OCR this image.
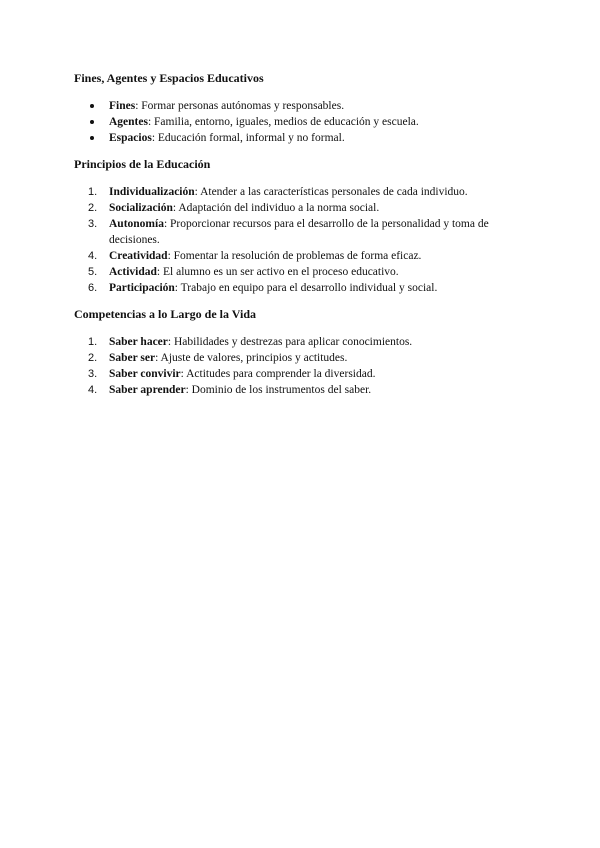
Fines, Agentes y Espacios Educativos
Fines: Formar personas autónomas y responsables.
Agentes: Familia, entorno, iguales, medios de educación y escuela.
Espacios: Educación formal, informal y no formal.
Principios de la Educación
1.	Individualización: Atender a las características personales de cada individuo.
2.	Socialización: Adaptación del individuo a la norma social.
3.	Autonomía: Proporcionar recursos para el desarrollo de la personalidad y toma de decisiones.
4.	Creatividad: Fomentar la resolución de problemas de forma eficaz.
5.	Actividad: El alumno es un ser activo en el proceso educativo.
6.	Participación: Trabajo en equipo para el desarrollo individual y social.
Competencias a lo Largo de la Vida
1.	Saber hacer: Habilidades y destrezas para aplicar conocimientos.
2.	Saber ser: Ajuste de valores, principios y actitudes.
3.	Saber convivir: Actitudes para comprender la diversidad.
4.	Saber aprender: Dominio de los instrumentos del saber.
